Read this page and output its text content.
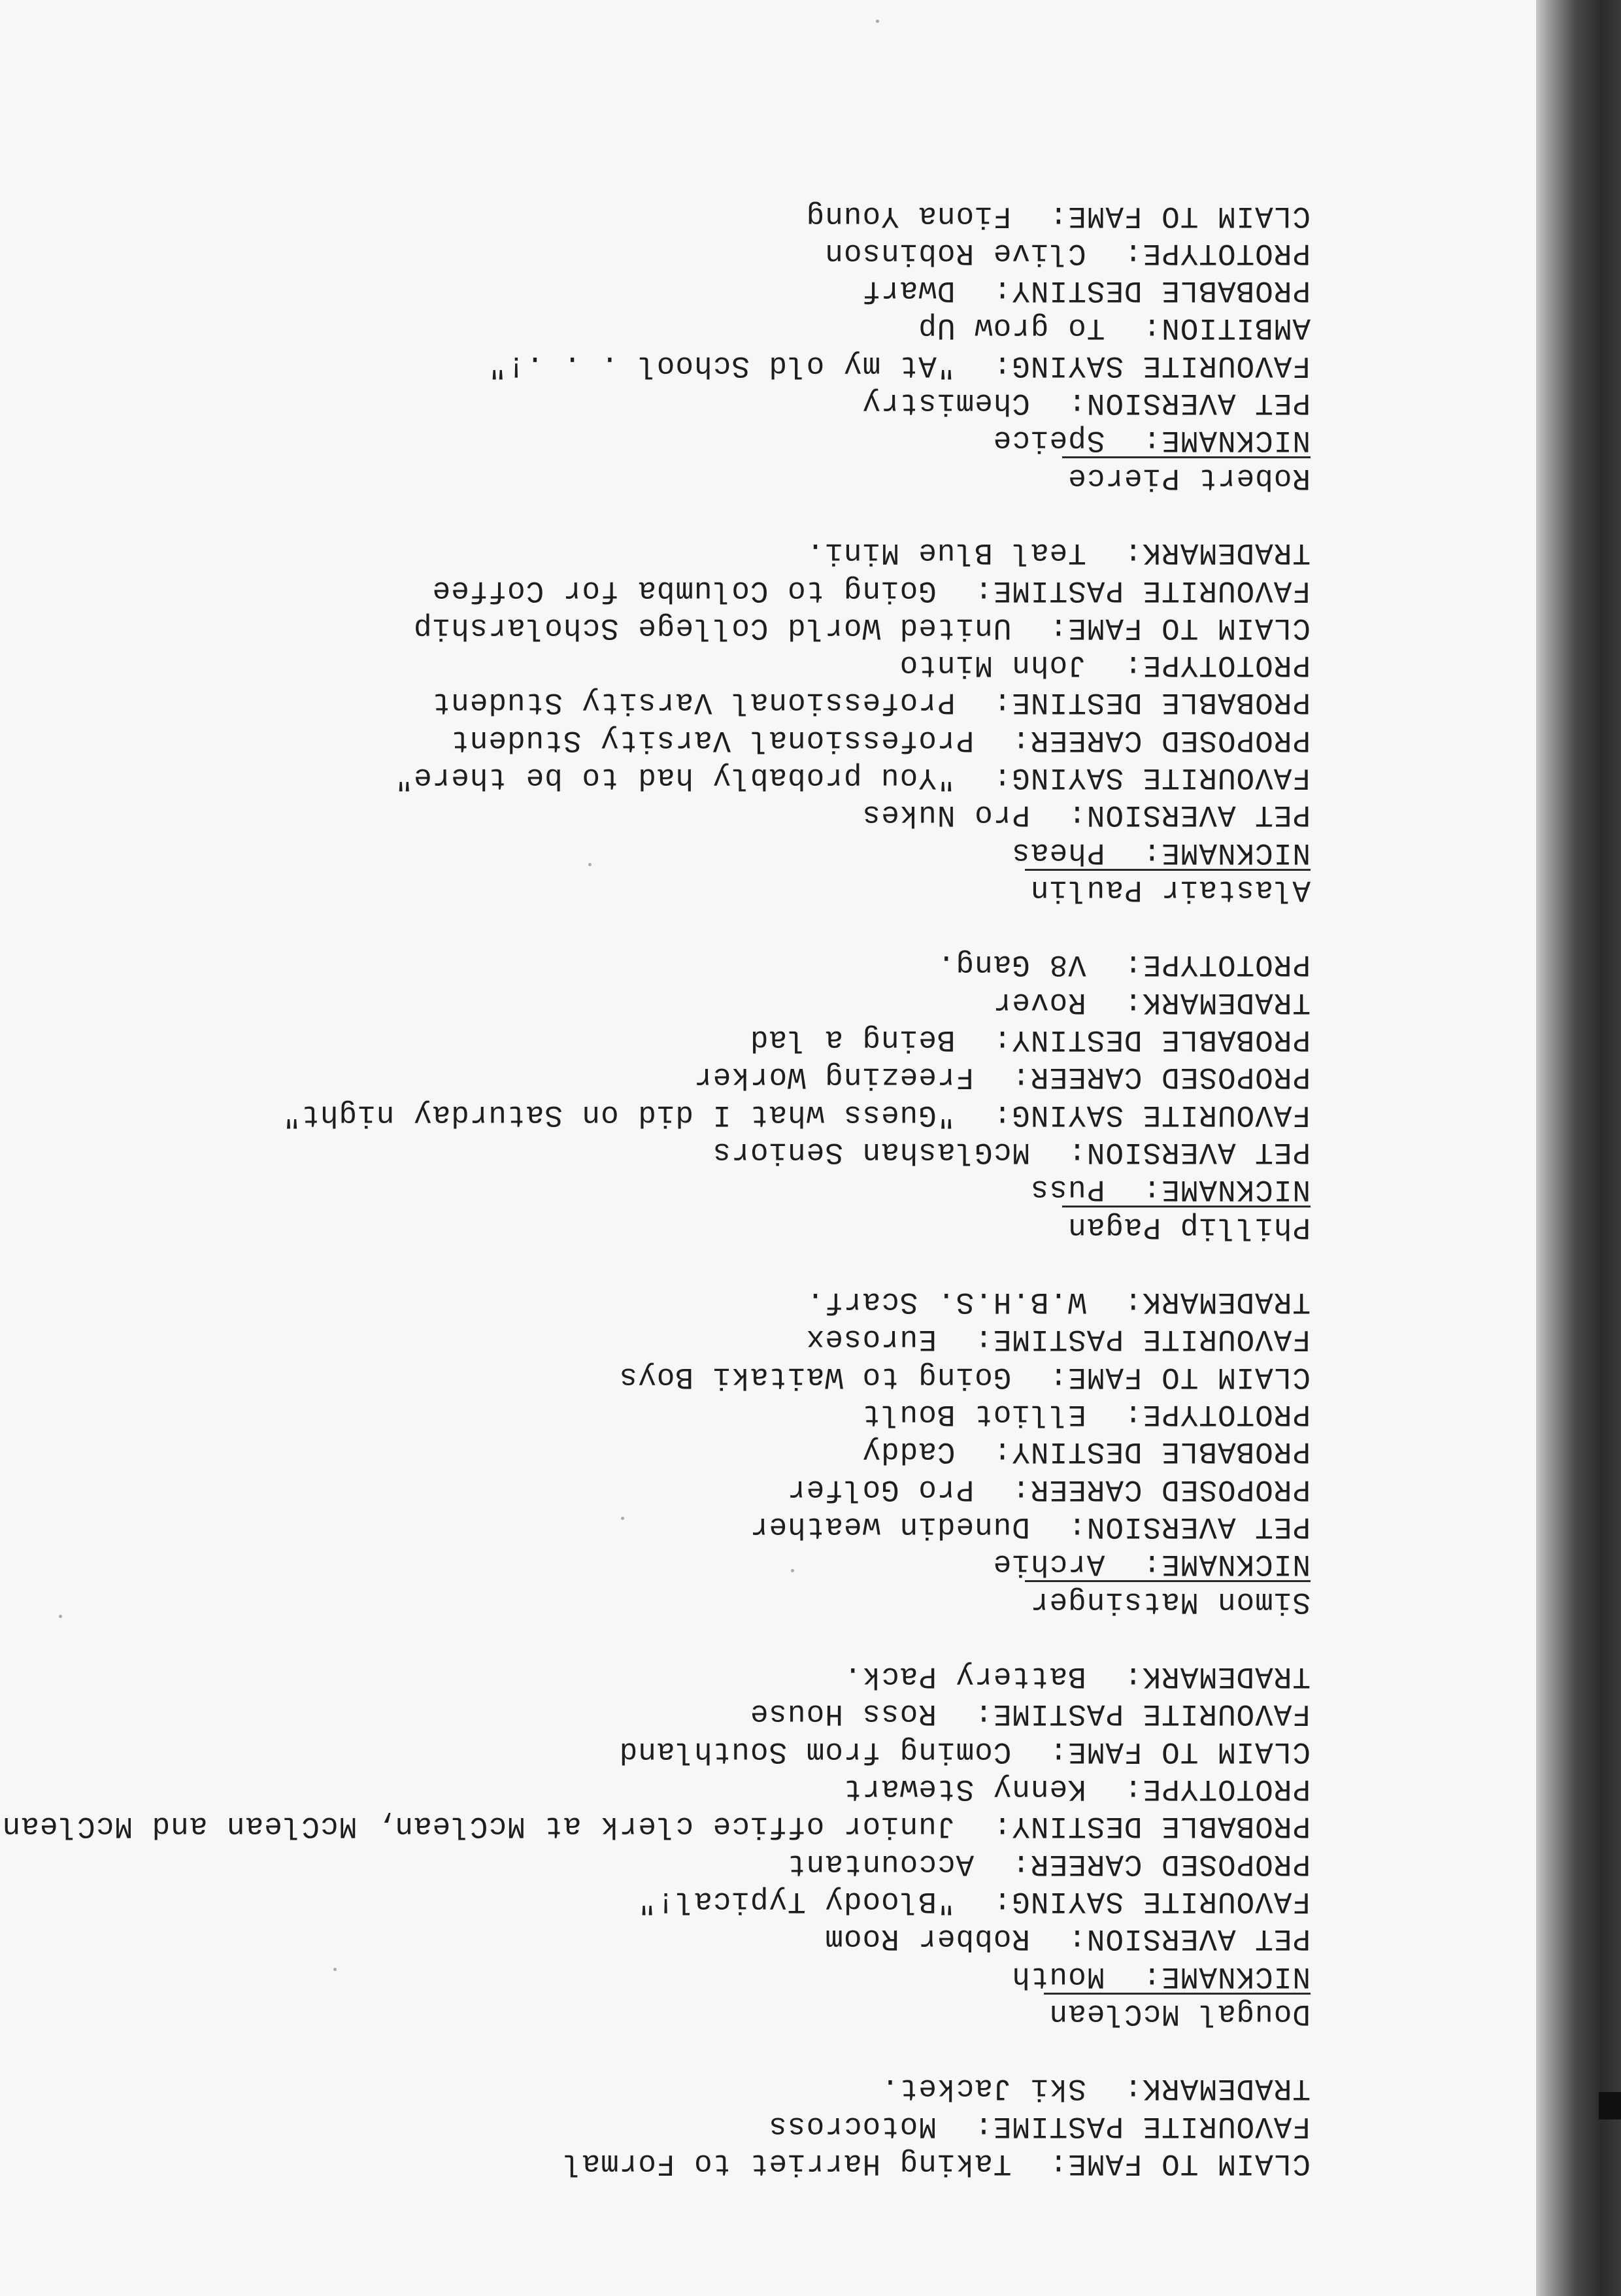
CLAIM TO FAME:  Taking Harriet to Formal
FAVOURITE PASTIME:  Motocross
TRADEMARK:  Ski Jacket.
Dougal McClean
NICKNAME:  Mouth
PET AVERSION:  Robber Room
FAVOURITE SAYING:  "Bloody Typical!"
PROPOSED CAREER:  Accountant
PROBABLE DESTINY:  Junior office clerk at McClean, McClean and McClean
PROTOTYPE:  Kenny Stewart
CLAIM TO FAME:  Coming from Southland
FAVOURITE PASTIME:  Ross House
TRADEMARK:  Battery Pack.
Simon Matsinger
NICKNAME:  Archie
PET AVERSION:  Dunedin weather
PROPOSED CAREER:  Pro Golfer
PROBABLE DESTINY:  Caddy
PROTOTYPE:  Elliot Boult
CLAIM TO FAME:  Going to Waitaki Boys
FAVOURITE PASTIME:  Eurosex
TRADEMARK:  W.B.H.S. Scarf.
Phillip Pagan
NICKNAME:  Puss
PET AVERSION:  McGlashan Seniors
FAVOURITE SAYING:  "Guess what I did on Saturday night"
PROPOSED CAREER:  Freezing Worker
PROBABLE DESTINY:  Being a lad
TRADEMARK:  Rover
PROTOTYPE:  V8 Gang.
Alastair Paulin
NICKNAME:  Pheas
PET AVERSION:  Pro Nukes
FAVOURITE SAYING:  "You probably had to be there"
PROPOSED CAREER:  Professional Varsity Student
PROBABLE DESTINE:  Professional Varsity Student
PROTOTYPE:  John Minto
CLAIM TO FAME:  United World College Scholarship
FAVOURITE PASTIME:  Going to Columba for Coffee
TRADEMARK:  Teal Blue Mini.
Robert Pierce
NICKNAME:  Speice
PET AVERSION:  Chemistry
FAVOURITE SAYING:  "At my old School . . .!"
AMBITION:  To grow Up
PROBABLE DESTINY:  Dwarf
PROTOTYPE:  Clive Robinson
CLAIM TO FAME:  Fiona Young
